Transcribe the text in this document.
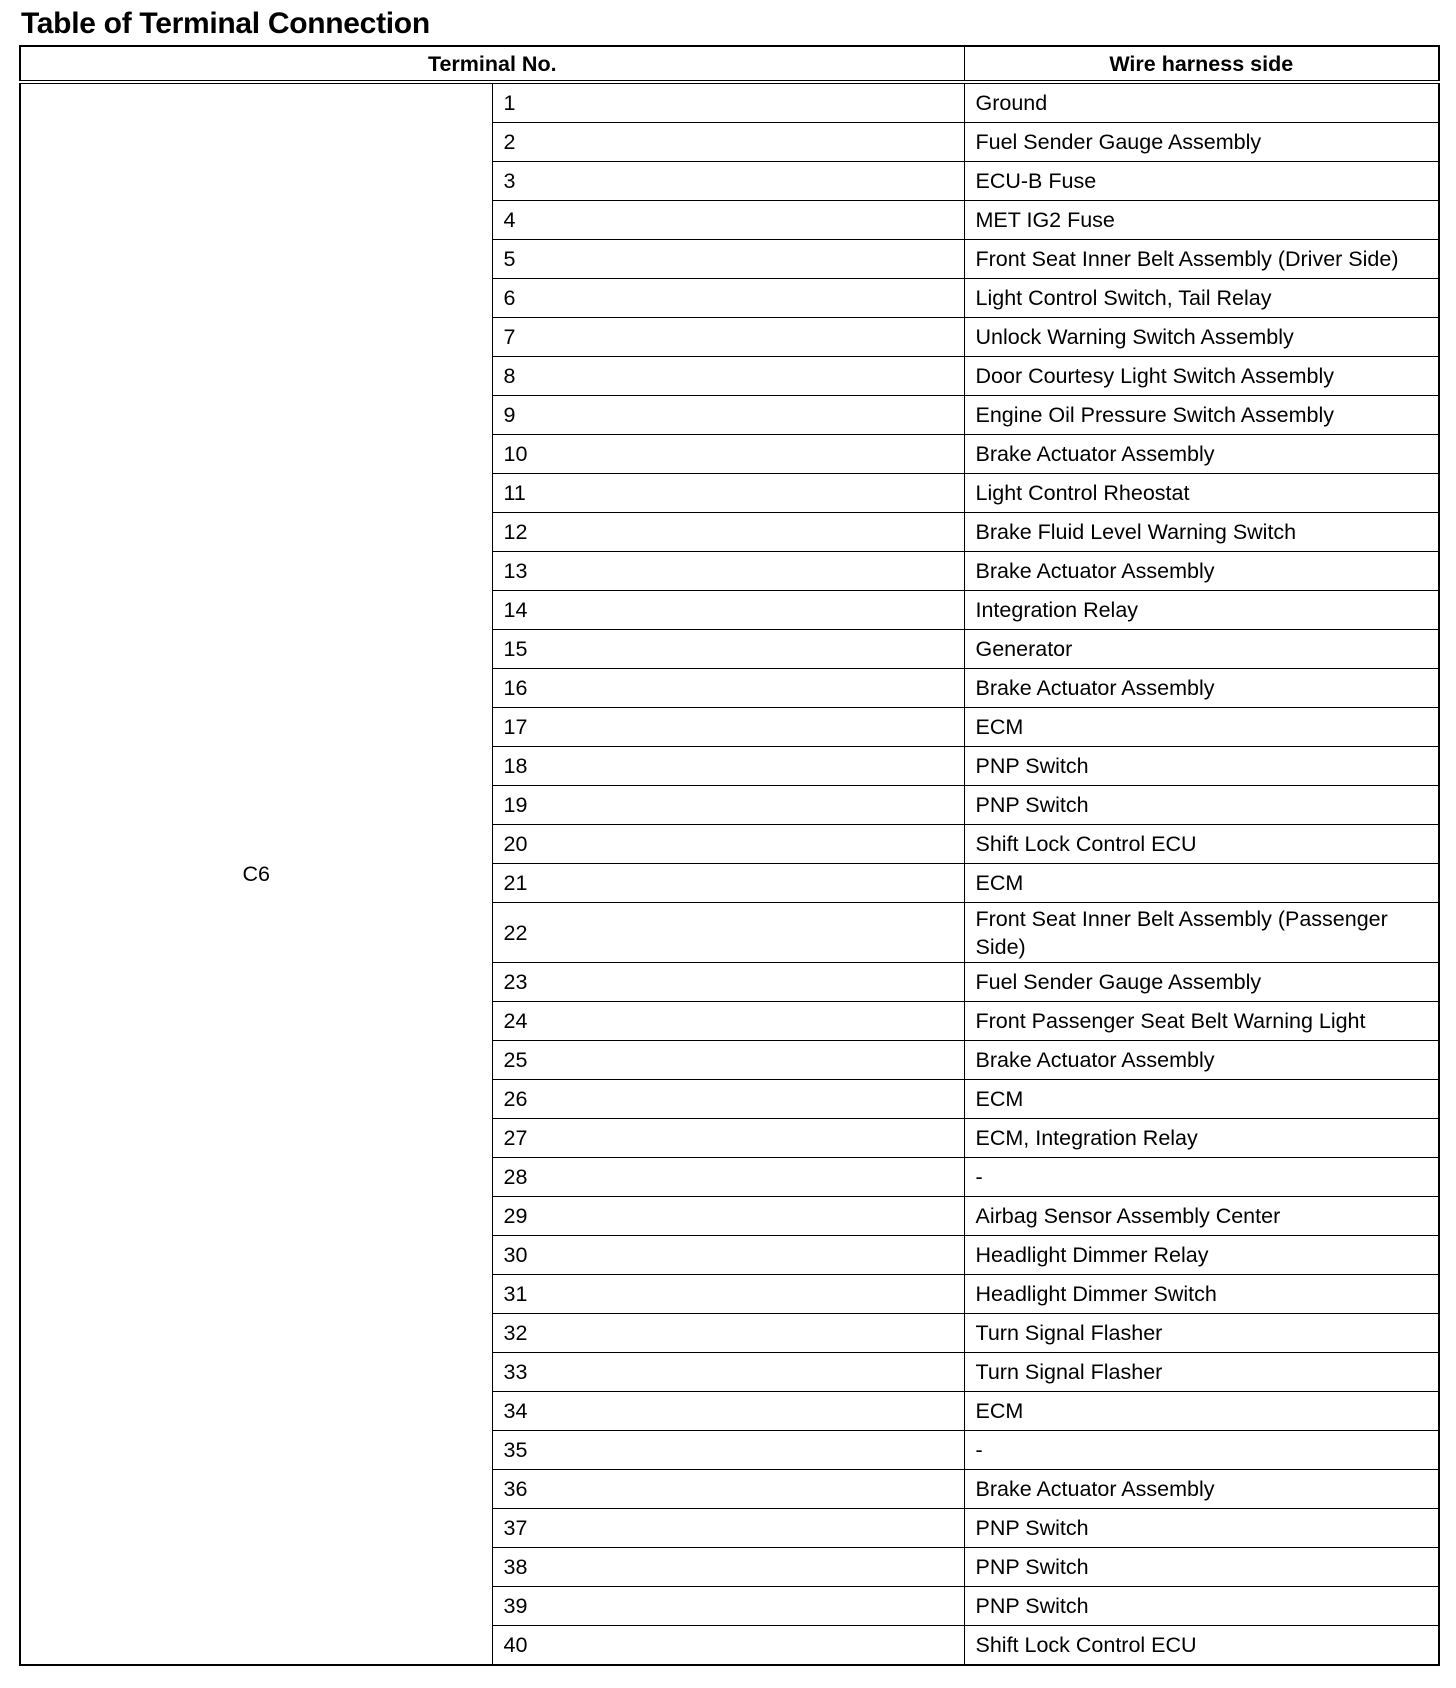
Table of Terminal Connection
Terminal No.		Wire harness side
C6	1	Ground
	2	Fuel Sender Gauge Assembly
	3	ECU-B Fuse
	4	MET IG2 Fuse
	5	Front Seat Inner Belt Assembly (Driver Side)
	6	Light Control Switch, Tail Relay
	7	Unlock Warning Switch Assembly
	8	Door Courtesy Light Switch Assembly
	9	Engine Oil Pressure Switch Assembly
	10	Brake Actuator Assembly
	11	Light Control Rheostat
	12	Brake Fluid Level Warning Switch
	13	Brake Actuator Assembly
	14	Integration Relay
	15	Generator
	16	Brake Actuator Assembly
	17	ECM
	18	PNP Switch
	19	PNP Switch
	20	Shift Lock Control ECU
	21	ECM
	22	Front Seat Inner Belt Assembly (Passenger Side)
	23	Fuel Sender Gauge Assembly
	24	Front Passenger Seat Belt Warning Light
	25	Brake Actuator Assembly
	26	ECM
	27	ECM, Integration Relay
	28	-
	29	Airbag Sensor Assembly Center
	30	Headlight Dimmer Relay
	31	Headlight Dimmer Switch
	32	Turn Signal Flasher
	33	Turn Signal Flasher
	34	ECM
	35	-
	36	Brake Actuator Assembly
	37	PNP Switch
	38	PNP Switch
	39	PNP Switch
	40	Shift Lock Control ECU
